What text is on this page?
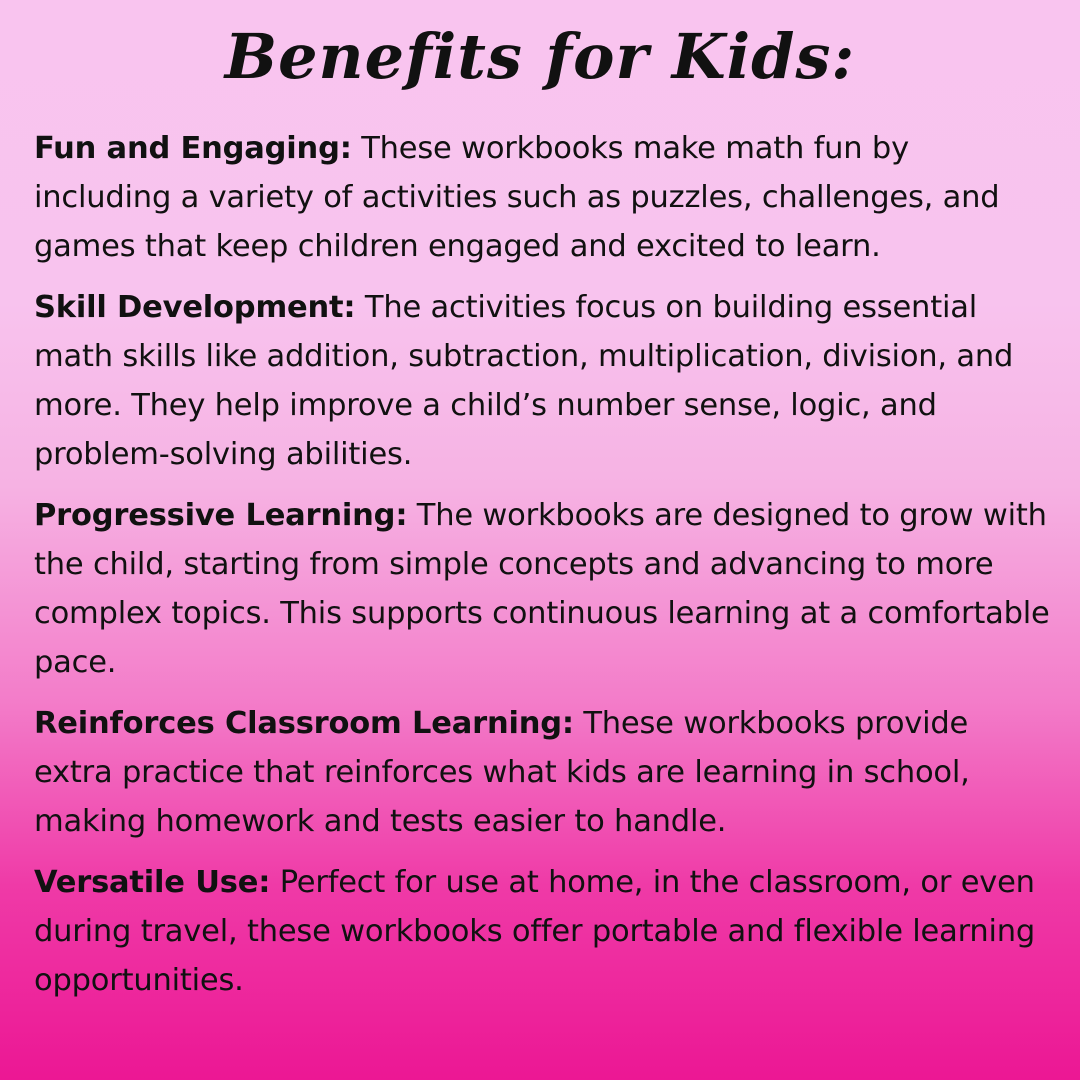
Benefits for Kids:

Fun and Engaging: These workbooks make math fun by including a variety of activities such as puzzles, challenges, and games that keep children engaged and excited to learn.

Skill Development: The activities focus on building essential math skills like addition, subtraction, multiplication, division, and more. They help improve a child’s number sense, logic, and problem-solving abilities.

Progressive Learning: The workbooks are designed to grow with the child, starting from simple concepts and advancing to more complex topics. This supports continuous learning at a comfortable pace.

Reinforces Classroom Learning: These workbooks provide extra practice that reinforces what kids are learning in school, making homework and tests easier to handle.

Versatile Use: Perfect for use at home, in the classroom, or even during travel, these workbooks offer portable and flexible learning opportunities.
